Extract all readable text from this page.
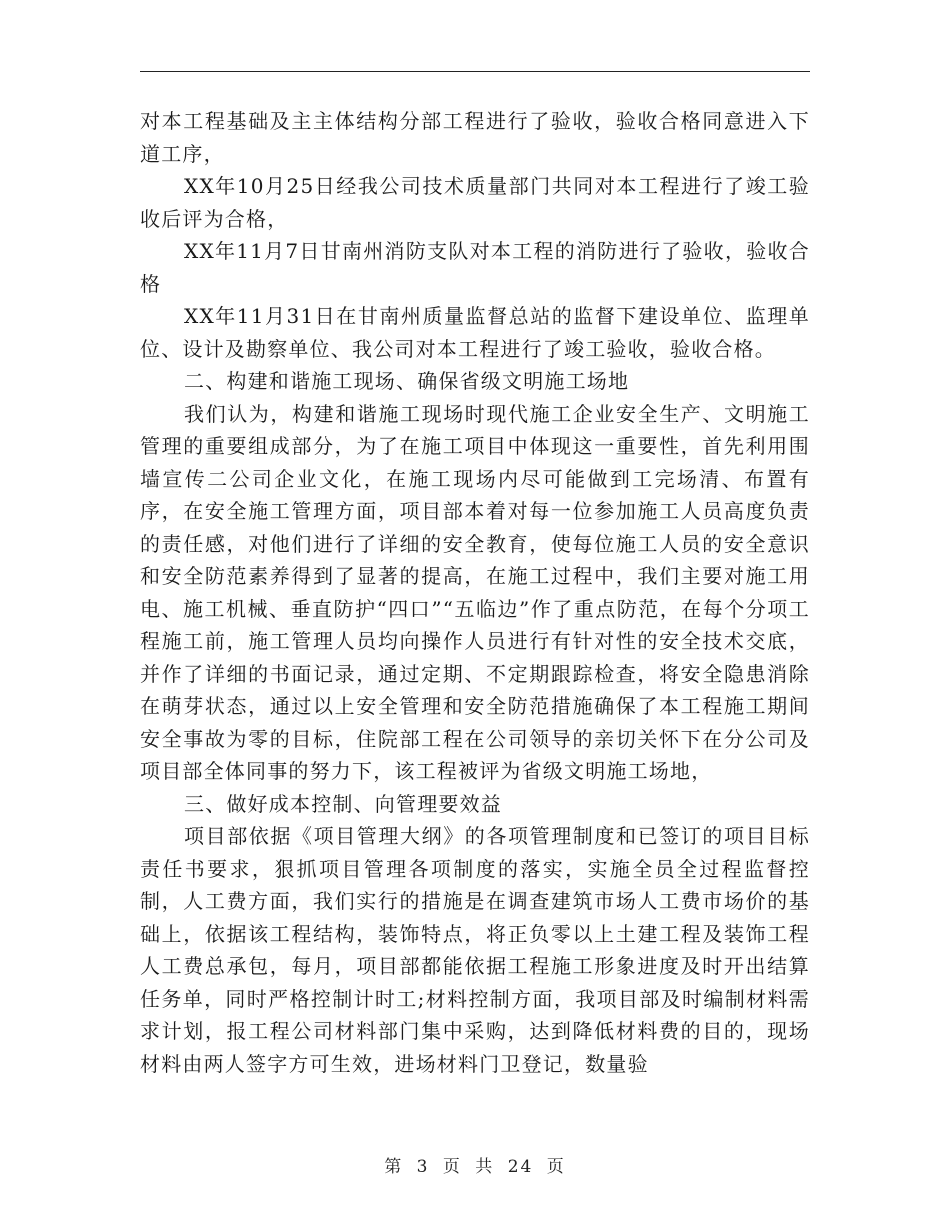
对本工程基础及主主体结构分部工程进行了验收，验收合格同意进入下道工序，

XX年10月25日经我公司技术质量部门共同对本工程进行了竣工验收后评为合格，

XX年11月7日甘南州消防支队对本工程的消防进行了验收，验收合格

XX年11月31日在甘南州质量监督总站的监督下建设单位、监理单位、设计及勘察单位、我公司对本工程进行了竣工验收，验收合格。

二、构建和谐施工现场、确保省级文明施工场地

我们认为，构建和谐施工现场时现代施工企业安全生产、文明施工管理的重要组成部分，为了在施工项目中体现这一重要性，首先利用围墙宣传二公司企业文化，在施工现场内尽可能做到工完场清、布置有序，在安全施工管理方面，项目部本着对每一位参加施工人员高度负责的责任感，对他们进行了详细的安全教育，使每位施工人员的安全意识和安全防范素养得到了显著的提高，在施工过程中，我们主要对施工用电、施工机械、垂直防护“四口”“五临边”作了重点防范，在每个分项工程施工前，施工管理人员均向操作人员进行有针对性的安全技术交底，并作了详细的书面记录，通过定期、不定期跟踪检查，将安全隐患消除在萌芽状态，通过以上安全管理和安全防范措施确保了本工程施工期间安全事故为零的目标，住院部工程在公司领导的亲切关怀下在分公司及项目部全体同事的努力下，该工程被评为省级文明施工场地，

三、做好成本控制、向管理要效益

项目部依据《项目管理大纲》的各项管理制度和已签订的项目目标责任书要求，狠抓项目管理各项制度的落实，实施全员全过程监督控制，人工费方面，我们实行的措施是在调查建筑市场人工费市场价的基础上，依据该工程结构，装饰特点，将正负零以上土建工程及装饰工程人工费总承包，每月，项目部都能依据工程施工形象进度及时开出结算任务单，同时严格控制计时工;材料控制方面，我项目部及时编制材料需求计划，报工程公司材料部门集中采购，达到降低材料费的目的，现场材料由两人签字方可生效，进场材料门卫登记，数量验

第 3 页 共 24 页
